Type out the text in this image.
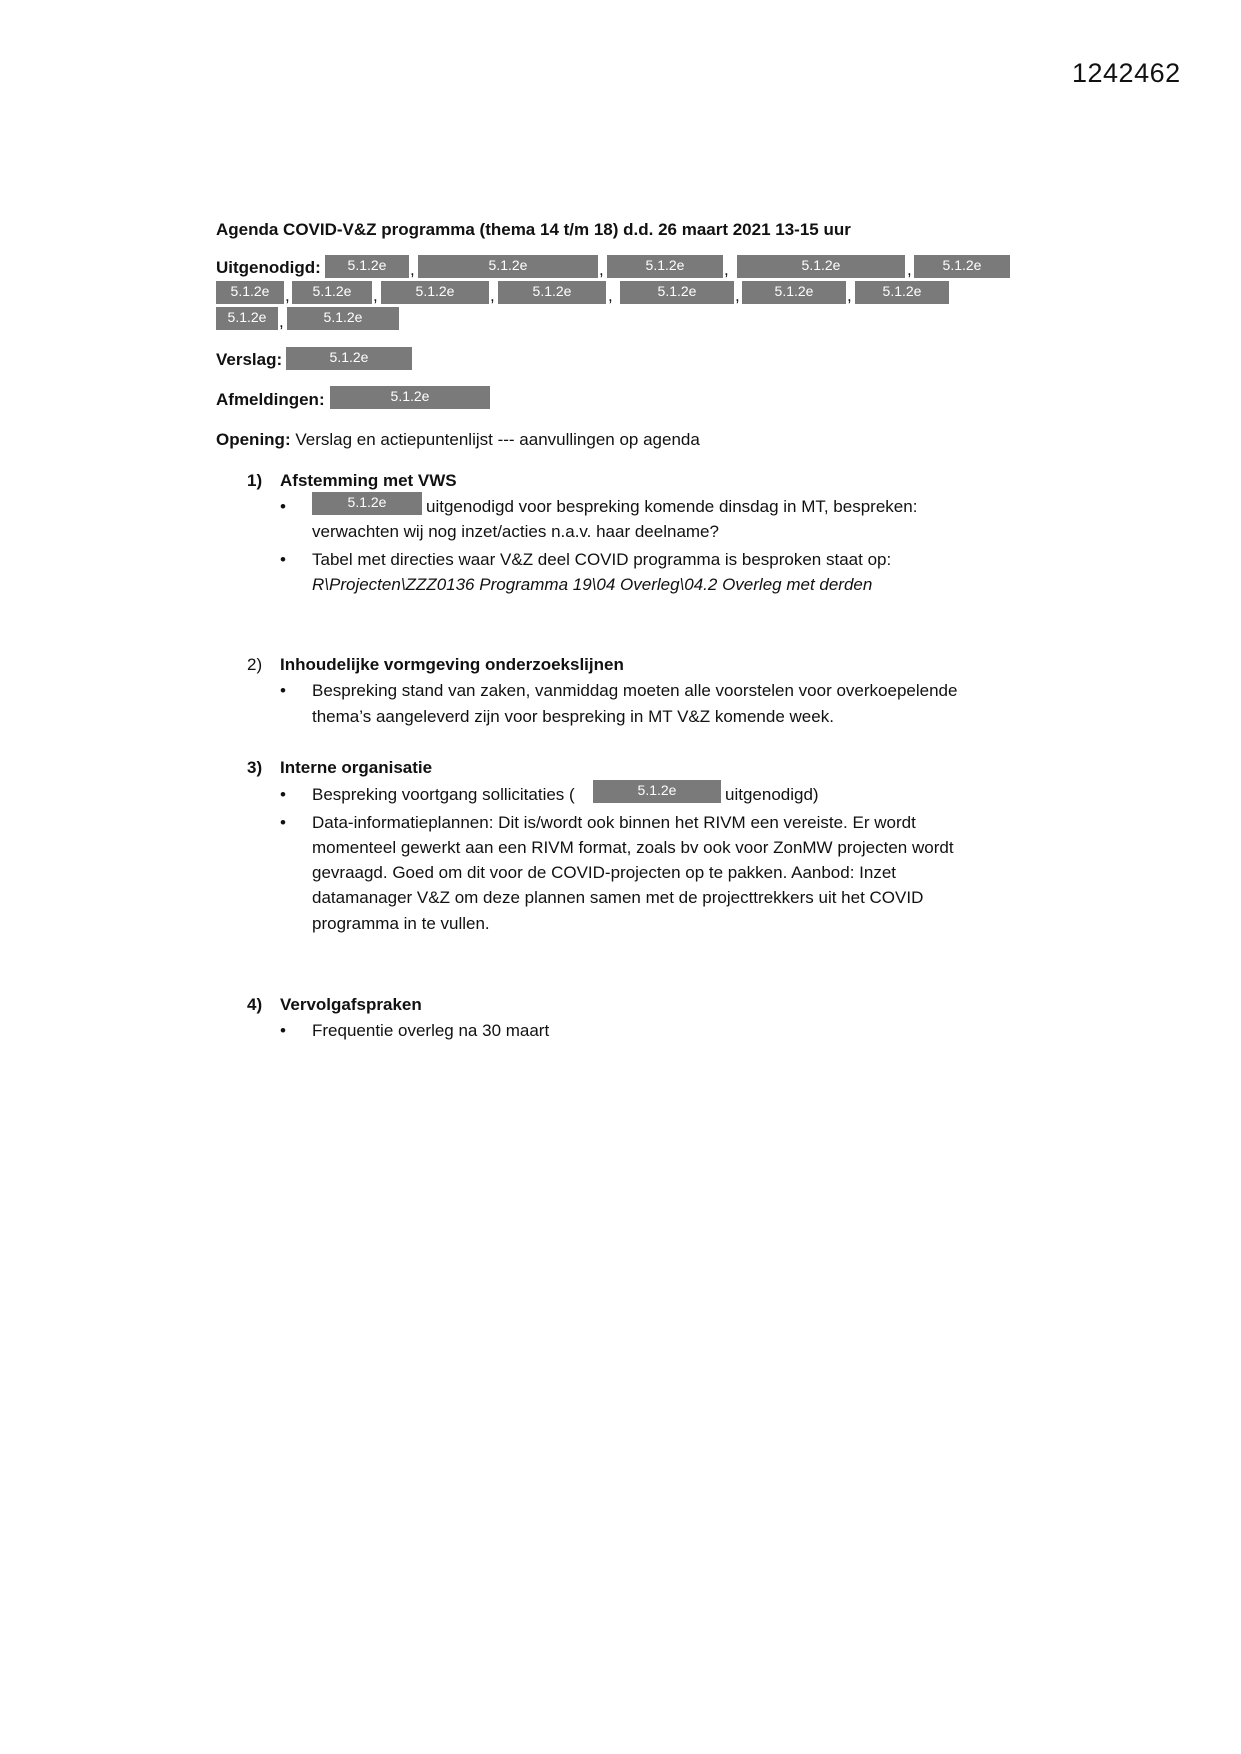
1242462
Agenda COVID-V&Z programma (thema 14 t/m 18) d.d. 26 maart 2021 13-15 uur
Uitgenodigd:	5.1.2e	,	5.1.2e	,	5.1.2e	,	5.1.2e	,	5.1.2e
5.1.2e ,	5.1.2e	,	5.1.2e	,	5.1.2e	,	5.1.2e	,	5.1.2e	,	5.1.2e
5.1.2e ,	5.1.2e
Verslag:	5.1.2e
Afmeldingen:	5.1.2e
Opening: Verslag en actiepuntenlijst --- aanvullingen op agenda
1) Afstemming met VWS
•	5.1.2e	uitgenodigd voor bespreking komende dinsdag in MT, bespreken:
verwachten wij nog inzet/acties n.a.v. haar deelname?
• Tabel met directies waar V&Z deel COVID programma is besproken staat op:
R\Projecten\ZZZ0136 Programma 19\04 Overleg\04.2 Overleg met derden
2) Inhoudelijke vormgeving onderzoekslijnen
• Bespreking stand van zaken, vanmiddag moeten alle voorstelen voor overkoepelende
thema’s aangeleverd zijn voor bespreking in MT V&Z komende week.
3) Interne organisatie
• Bespreking voortgang sollicitaties (	5.1.2e	uitgenodigd)
• Data-informatieplannen: Dit is/wordt ook binnen het RIVM een vereiste. Er wordt
momenteel gewerkt aan een RIVM format, zoals bv ook voor ZonMW projecten wordt
gevraagd. Goed om dit voor de COVID-projecten op te pakken. Aanbod: Inzet
datamanager V&Z om deze plannen samen met de projecttrekkers uit het COVID
programma in te vullen.
4) Vervolgafspraken
• Frequentie overleg na 30 maart
